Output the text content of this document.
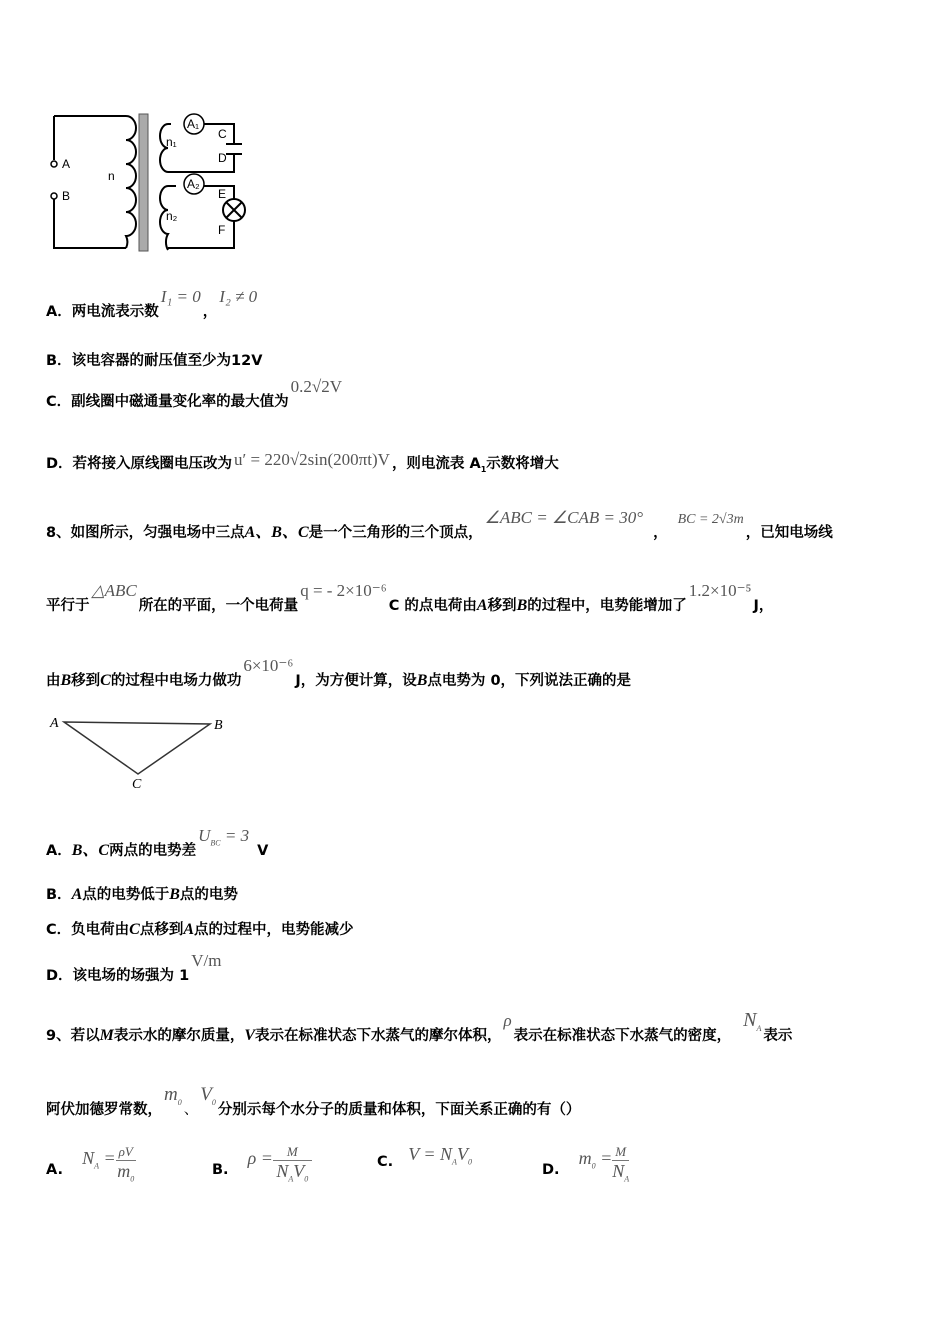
A
B
n
n₁
n₂
A₁
A₂
C
D
E
F
A．两电流表示数I₁ = 0，I₂ ≠ 0
B．该电容器的耐压值至少为12V
C．副线圈中磁通量变化率的最大值为0.2√2V
D．若将接入原线圈电压改为 u′ = 220√2sin(200πt)V ，则电流表 $A_1$示数将增大
8、如图所示，匀强电场中三点A、B、C是一个三角形的三个顶点，∠ABC = ∠CAB = 30°，BC = 2√3m，已知电场线
平行于△ABC所在的平面，一个电荷量q = - 2×10⁻⁶C 的点电荷由A移到B的过程中，电势能增加了1.2×10⁻⁵J，
由B移到C的过程中电场力做功6×10⁻⁶J，为方便计算，设B点电势为 0，下列说法正确的是
A	B
C
A．B、C两点的电势差$U_{BC} = 3V$
B．A点的电势低于B点的电势
C．负电荷由C点移到A点的过程中，电势能减少
D．该电场的场强为 1V/m
9、若以M表示水的摩尔质量，V表示在标准状态下水蒸气的摩尔体积，ρ表示在标准状态下水蒸气的密度，$N_A$ 表示
阿伏加德罗常数，$m_0$ 、$V_0$ 分别示每个水分子的质量和体积，下面关系正确的有（）
A. $N_A = \frac{\rho V}{m_0}$	B. $\rho = \frac{M}{N_AV_0}$	C. $V = N_AV_0$	D. $m_0 = \frac{M}{N_A}$
